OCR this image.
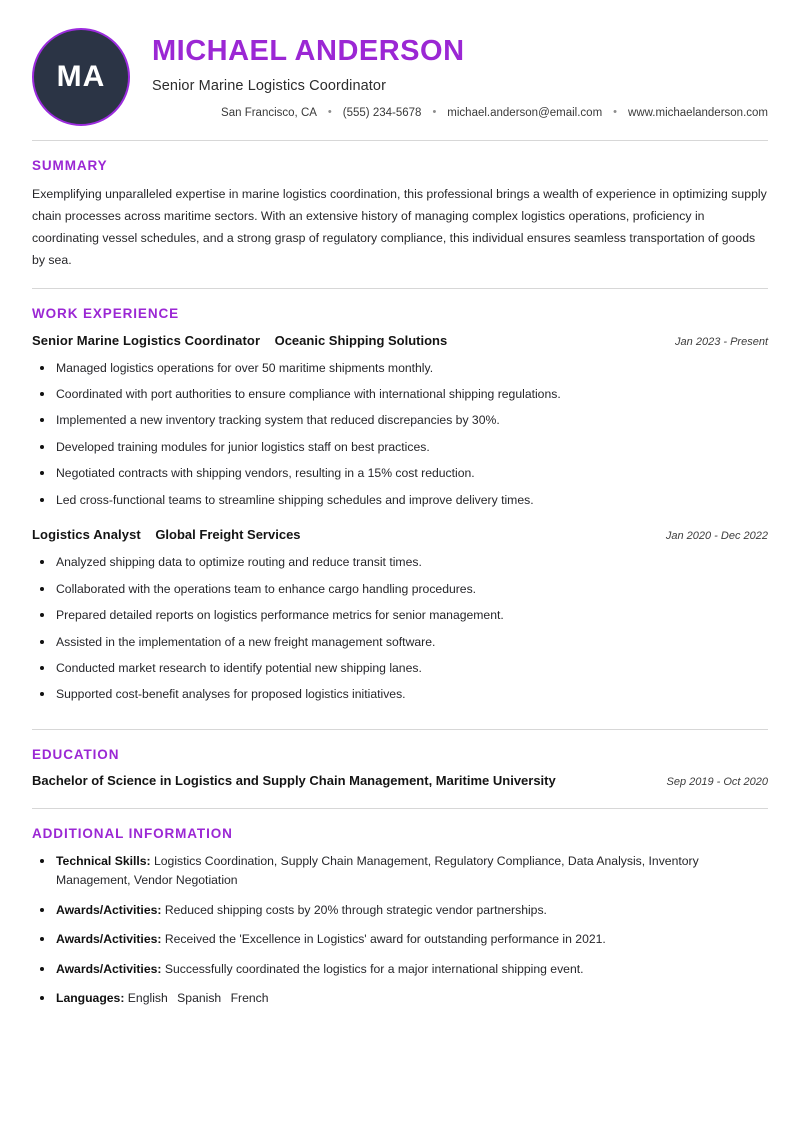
MA
MICHAEL ANDERSON
Senior Marine Logistics Coordinator
San Francisco, CA	• (555) 234-5678	• michael.anderson@email.com	• www.michaelanderson.com
SUMMARY

Exemplifying unparalleled expertise in marine logistics coordination, this professional brings a wealth of experience in optimizing supply chain processes across maritime sectors. With an extensive history of managing complex logistics operations, proficiency in coordinating vessel schedules, and a strong grasp of regulatory compliance, this individual ensures seamless transportation of goods by sea.

WORK EXPERIENCE
Senior Marine Logistics Coordinator Oceanic Shipping Solutions	Jan 2023 - Present
Managed logistics operations for over 50 maritime shipments monthly.
Coordinated with port authorities to ensure compliance with international shipping regulations.
Implemented a new inventory tracking system that reduced discrepancies by 30%.
Developed training modules for junior logistics staff on best practices.
Negotiated contracts with shipping vendors, resulting in a 15% cost reduction.
Led cross-functional teams to streamline shipping schedules and improve delivery times.
Logistics Analyst Global Freight Services	Jan 2020 - Dec 2022
Analyzed shipping data to optimize routing and reduce transit times.
Collaborated with the operations team to enhance cargo handling procedures.
Prepared detailed reports on logistics performance metrics for senior management.
Assisted in the implementation of a new freight management software.
Conducted market research to identify potential new shipping lanes.
Supported cost-benefit analyses for proposed logistics initiatives.
EDUCATION
Bachelor of Science in Logistics and Supply Chain Management, Maritime University	Sep 2019 - Oct 2020
ADDITIONAL INFORMATION
Technical Skills: Logistics Coordination, Supply Chain Management, Regulatory Compliance, Data Analysis, Inventory Management, Vendor Negotiation
Awards/Activities: Reduced shipping costs by 20% through strategic vendor partnerships.
Awards/Activities: Received the 'Excellence in Logistics' award for outstanding performance in 2021.
Awards/Activities: Successfully coordinated the logistics for a major international shipping event.
Languages: English Spanish French
